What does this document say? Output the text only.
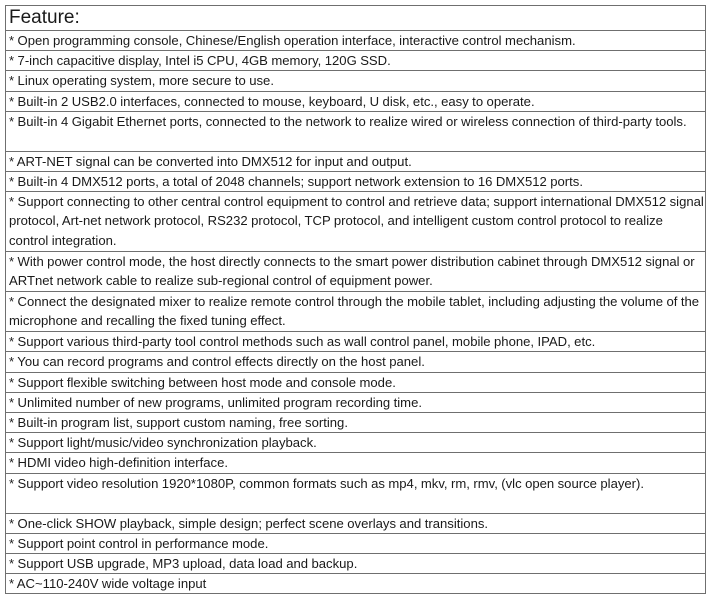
Feature:
* Open programming console, Chinese/English operation interface, interactive control mechanism.
* 7-inch capacitive display, Intel i5 CPU, 4GB memory, 120G SSD.
* Linux operating system, more secure to use.
* Built-in 2 USB2.0 interfaces, connected to mouse, keyboard, U disk, etc., easy to operate.
* Built-in 4 Gigabit Ethernet ports, connected to the network to realize wired or wireless connection of third-party tools.
* ART-NET signal can be converted into DMX512 for input and output.
* Built-in 4 DMX512 ports, a total of 2048 channels; support network extension to 16 DMX512 ports.
* Support connecting to other central control equipment to control and retrieve data; support international DMX512 signal protocol, Art-net network protocol, RS232 protocol, TCP protocol, and intelligent custom control protocol to realize control integration.
* With power control mode, the host directly connects to the smart power distribution cabinet through DMX512 signal or ARTnet network cable to realize sub-regional control of equipment power.
* Connect the designated mixer to realize remote control through the mobile tablet, including adjusting the volume of the microphone and recalling the fixed tuning effect.
* Support various third-party tool control methods such as wall control panel, mobile phone, IPAD, etc.
* You can record programs and control effects directly on the host panel.
* Support flexible switching between host mode and console mode.
* Unlimited number of new programs, unlimited program recording time.
* Built-in program list, support custom naming, free sorting.
* Support light/music/video synchronization playback.
* HDMI video high-definition interface.
* Support video resolution 1920*1080P, common formats such as mp4, mkv, rm, rmv, (vlc open source player).
* One-click SHOW playback, simple design; perfect scene overlays and transitions.
* Support point control in performance mode.
* Support USB upgrade, MP3 upload, data load and backup.
* AC~110-240V wide voltage input
